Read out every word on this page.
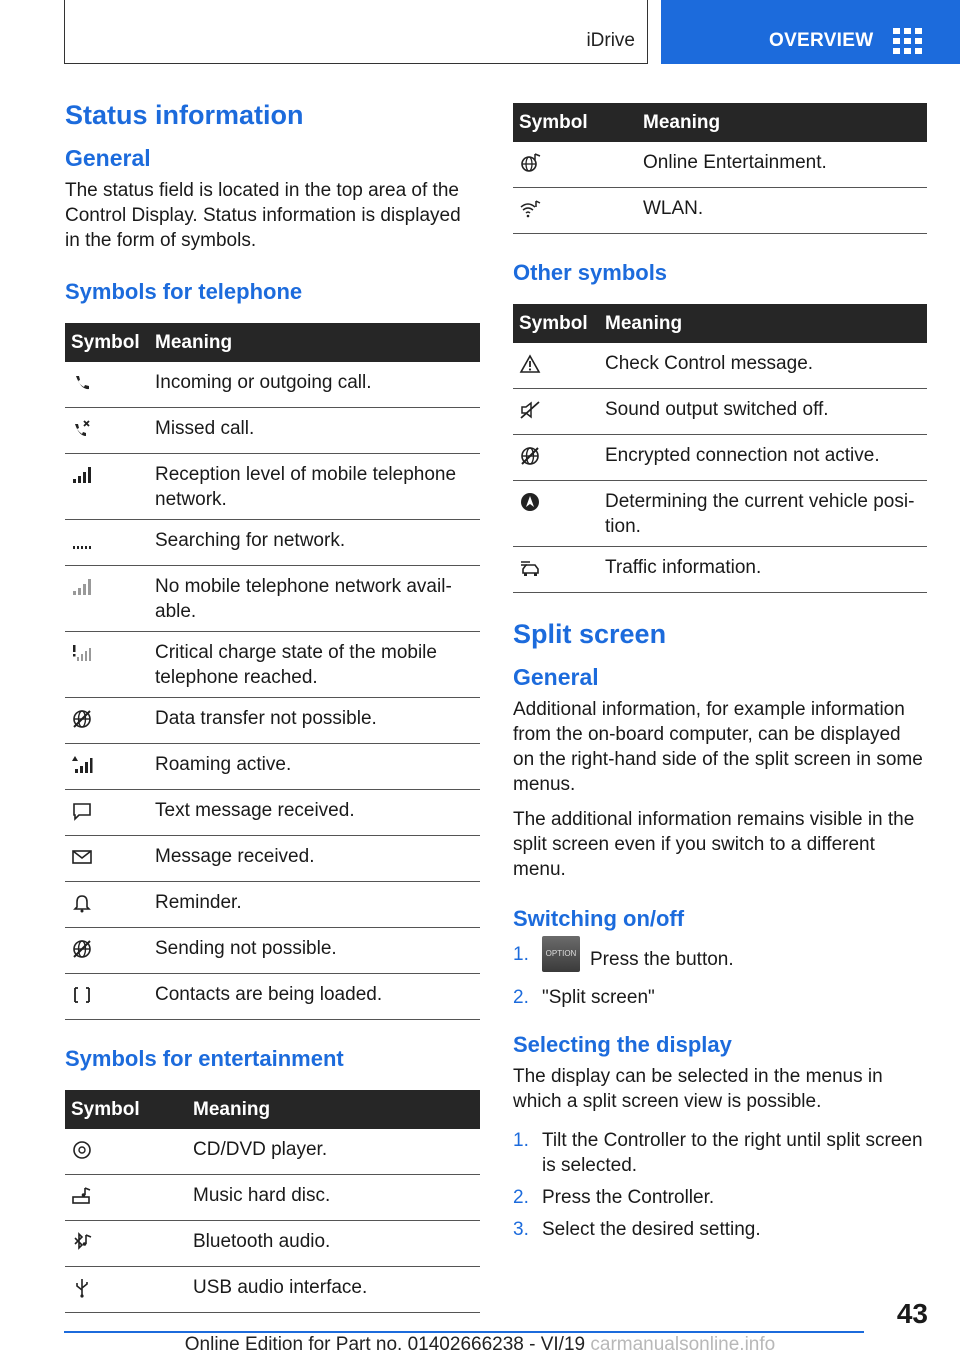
iDrive	OVERVIEW
Status information
General

The status field is located in the top area of the Control Display. Status information is displayed in the form of symbols.

Symbols for telephone
Symbol	Meaning
	Incoming or outgoing call.
	Missed call.
	Reception level of mobile telephone network.
	Searching for network.
	No mobile telephone network avail-able.
	Critical charge state of the mobile telephone reached.
	Data transfer not possible.
	Roaming active.
	Text message received.
	Message received.
	Reminder.
	Sending not possible.
	Contacts are being loaded.
Symbols for entertainment
Symbol	Meaning
	CD/DVD player.
	Music hard disc.
	Bluetooth audio.
	USB audio interface.
Symbol	Meaning
	Online Entertainment.
	WLAN.
Other symbols
Symbol	Meaning
	Check Control message.
	Sound output switched off.
	Encrypted connection not active.
	Determining the current vehicle posi-tion.
	Traffic information.
Split screen
General

Additional information, for example information from the on-board computer, can be displayed on the right-hand side of the split screen in some menus.

The additional information remains visible in the split screen even if you switch to a different menu.

Switching on/off
1. OPTION Press the button.
2. "Split screen"
Selecting the display

The display can be selected in the menus in which a split screen view is possible.

1. Tilt the Controller to the right until split screen is selected.
2. Press the Controller.
3. Select the desired setting.
43
Online Edition for Part no. 01402666238 - VI/19 carmanualsonline.info
